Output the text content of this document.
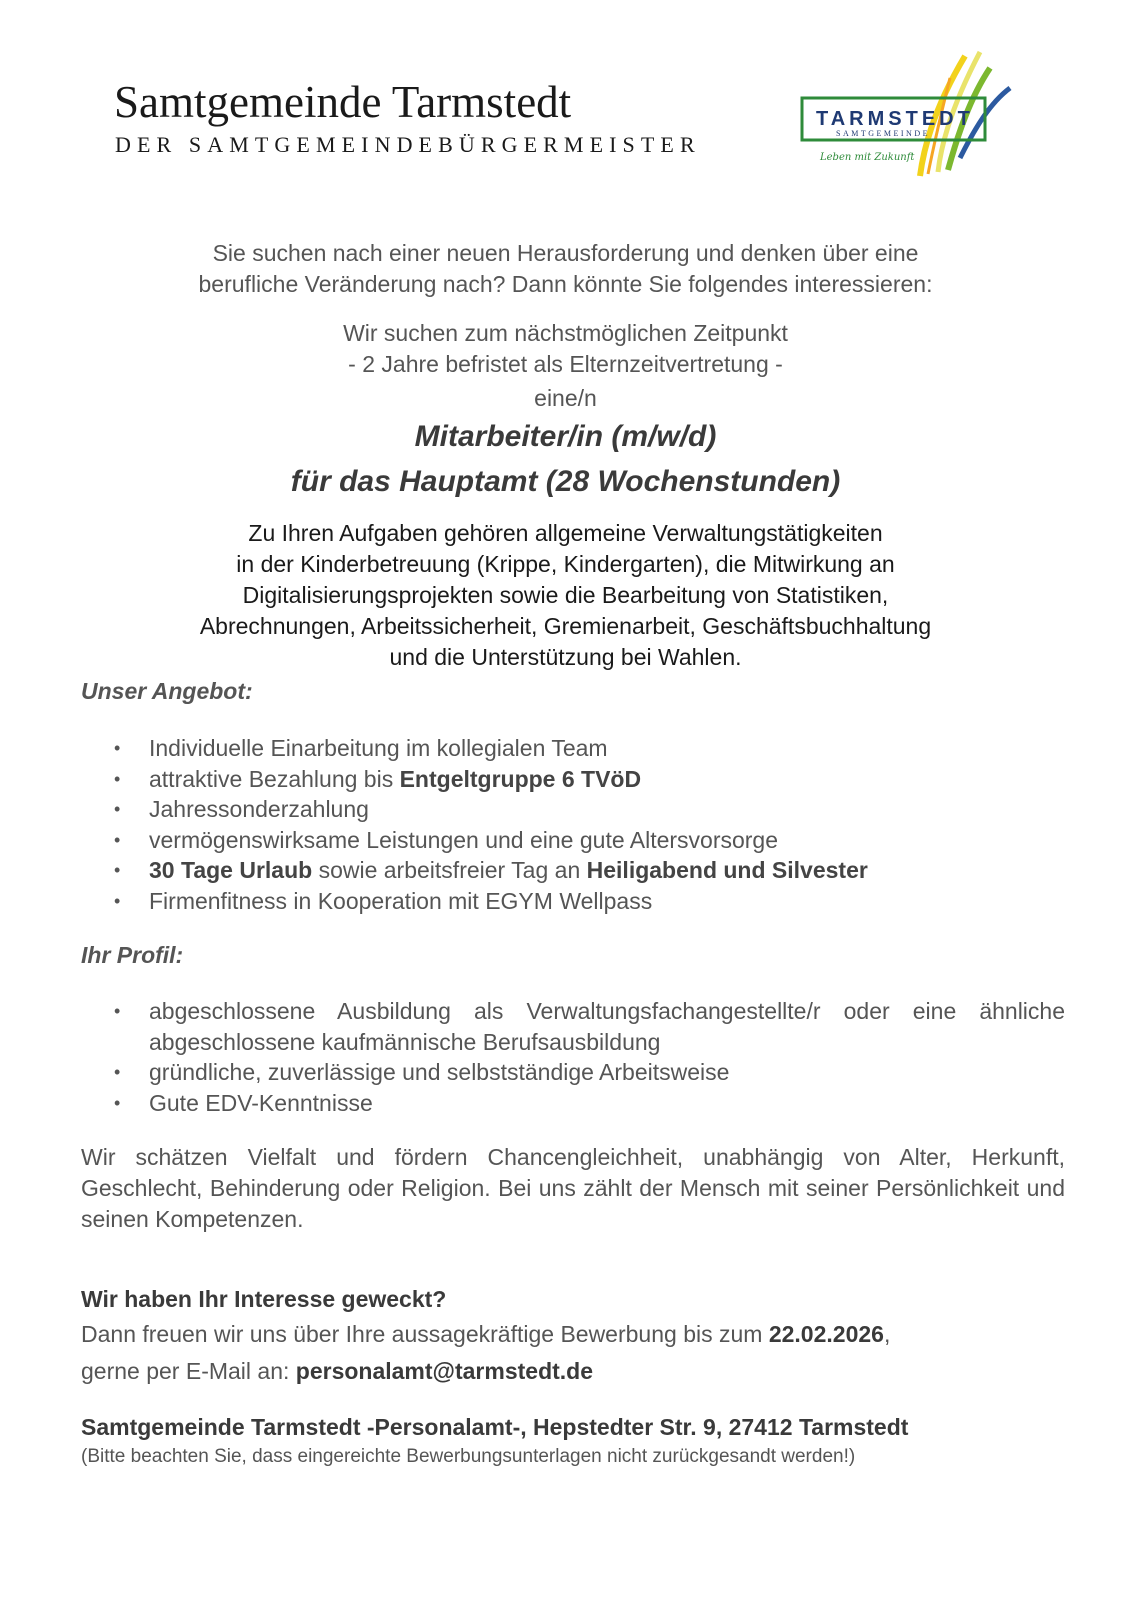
Samtgemeinde Tarmstedt
DER SAMTGEMEINDEBÜRGERMEISTER
TARMSTEDT
SAMTGEMEINDE
Leben mit Zukunft
Sie suchen nach einer neuen Herausforderung und denken über eine
berufliche Veränderung nach? Dann könnte Sie folgendes interessieren:
Wir suchen zum nächstmöglichen Zeitpunkt
- 2 Jahre befristet als Elternzeitvertretung -
eine/n
Mitarbeiter/in (m/w/d)
für das Hauptamt (28 Wochenstunden)
Zu Ihren Aufgaben gehören allgemeine Verwaltungstätigkeiten
in der Kinderbetreuung (Krippe, Kindergarten), die Mitwirkung an
Digitalisierungsprojekten sowie die Bearbeitung von Statistiken,
Abrechnungen, Arbeitssicherheit, Gremienarbeit, Geschäftsbuchhaltung
und die Unterstützung bei Wahlen.
Unser Angebot:
• Individuelle Einarbeitung im kollegialen Team
• attraktive Bezahlung bis Entgeltgruppe 6 TVöD
• Jahressonderzahlung
• vermögenswirksame Leistungen und eine gute Altersvorsorge
• 30 Tage Urlaub sowie arbeitsfreier Tag an Heiligabend und Silvester
• Firmenfitness in Kooperation mit EGYM Wellpass
Ihr Profil:
• abgeschlossene Ausbildung als Verwaltungsfachangestellte/r oder eine ähnliche abgeschlossene kaufmännische Berufsausbildung
• gründliche, zuverlässige und selbstständige Arbeitsweise
• Gute EDV-Kenntnisse
Wir schätzen Vielfalt und fördern Chancengleichheit, unabhängig von Alter, Herkunft, Geschlecht, Behinderung oder Religion. Bei uns zählt der Mensch mit seiner Persönlichkeit und seinen Kompetenzen.
Wir haben Ihr Interesse geweckt?
Dann freuen wir uns über Ihre aussagekräftige Bewerbung bis zum 22.02.2026,
gerne per E-Mail an: personalamt@tarmstedt.de
Samtgemeinde Tarmstedt -Personalamt-, Hepstedter Str. 9, 27412 Tarmstedt
(Bitte beachten Sie, dass eingereichte Bewerbungsunterlagen nicht zurückgesandt werden!)
